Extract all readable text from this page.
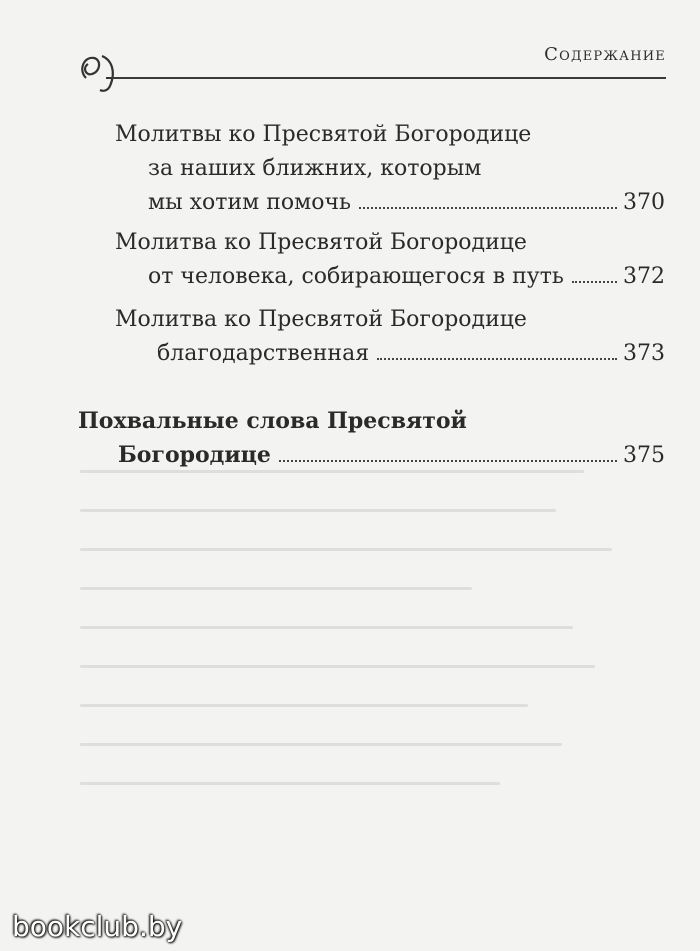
Содержание
Молитвы ко Пресвятой Богородице
за наших ближних, которым
мы хотим помочь	370
Молитва ко Пресвятой Богородице
от человека, собирающегося в путь	372
Молитва ко Пресвятой Богородице
благодарственная	373
Похвальные слова Пресвятой
Богородице	375
bookclub.by
